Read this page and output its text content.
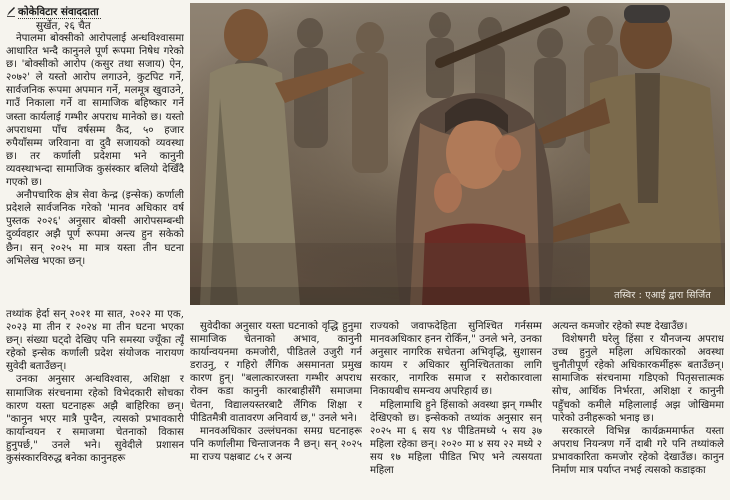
कोकेविटार संवाददाता
सुर्खेत, २६ चैत

नेपालमा बोक्सीको आरोपलाई अन्धविश्वासमा आधारित भन्दै कानुनले पूर्ण रूपमा निषेध गरेको छ। 'बोक्सीको आरोप (कसुर तथा सजाय) ऐन, २०७२' ले यस्तो आरोप लगाउने, कुटपिट गर्ने, सार्वजनिक रूपमा अपमान गर्ने, मलमूत्र खुवाउने, गाउँ निकाला गर्ने वा सामाजिक बहिष्कार गर्ने जस्ता कार्यलाई गम्भीर अपराध मानेको छ। यस्तो अपराधमा पाँच वर्षसम्म कैद, ५० हजार रुपैयाँसम्म जरिवाना वा दुवै सजायको व्यवस्था छ। तर कर्णाली प्रदेशमा भने कानुनी व्यवस्थाभन्दा सामाजिक कुसंस्कार बलियो देखिँदै गएको छ।

अनौपचारिक क्षेत्र सेवा केन्द्र (इन्सेक) कर्णाली प्रदेशले सार्वजनिक गरेको 'मानव अधिकार वर्ष पुस्तक २०२६' अनुसार बोक्सी आरोपसम्बन्धी दुर्व्यवहार अझै पूर्ण रूपमा अन्त्य हुन सकेको छैन। सन् २०२५ मा मात्र यस्ता तीन घटना अभिलेख भएका छन्।

तथ्यांक हेर्दा सन् २०२१ मा सात, २०२२ मा एक, २०२३ मा तीन र २०२४ मा तीन घटना भएका छन्। संख्या घट्दो देखिए पनि समस्या ज्यूँका त्यूँ रहेको इन्सेक कर्णाली प्रदेश संयोजक नारायण सुवेदी बताउँछन्।

उनका अनुसार अन्धविश्वास, अशिक्षा र सामाजिक संरचनामा रहेको विभेदकारी सोचका कारण यस्ता घटनाहरू अझै बाहिरिका छन्। "कानुन भएर मात्रै पुग्दैन, त्यसको प्रभावकारी कार्यान्वयन र समाजमा चेतनाको विकास हुनुपर्छ," उनले भने। सुवेदीले प्रशासन कुसंस्कारविरुद्ध बनेका कानुनहरू

सुवेदीका अनुसार यस्ता घटनाको वृद्धि हुनुमा सामाजिक चेतनाको अभाव, कानुनी कार्यान्वयनमा कमजोरी, पीडितले उजुरी गर्न डराउनु, र गहिरो लैंगिक असमानता प्रमुख कारण हुन्। "बलात्कारजस्ता गम्भीर अपराध रोक्न कडा कानुनी कारबाहीसँगै समाजमा चेतना, विद्यालयस्तरबाटै लैंगिक शिक्षा र पीडितमैत्री वातावरण अनिवार्य छ," उनले भने।

मानवअधिकार उल्लंघनका समग्र घटनाहरू पनि कर्णालीमा चिन्ताजनक नै छन्। सन् २०२५ मा राज्य पक्षबाट ८५ र अन्य

राज्यको जवाफदेहिता सुनिश्चित गर्नसम्म मानवअधिकार हनन रोकिँन," उनले भने, उनका अनुसार नागरिक सचेतना अभिवृद्धि, सुशासन कायम र अधिकार सुनिश्चितताका लागि सरकार, नागरिक समाज र सरोकारवाला निकायबीच समन्वय अपरिहार्य छ।

महिलामाथि हुने हिंसाको अवस्था झन् गम्भीर देखिएको छ। इन्सेकको तथ्यांक अनुसार सन् २०२५ मा ६ सय ९४ पीडितमध्ये ५ सय ३७ महिला रहेका छन्। २०२० मा ४ सय २२ मध्ये २ सय १७ महिला पीडित भिए भने त्यसयता महिला

अत्यन्त कमजोर रहेको स्पष्ट देखाउँछ।

विशेषगरी घरेलु हिंसा र यौनजन्य अपराध उच्च हुनुले महिला अधिकारको अवस्था चुनौतीपूर्ण रहेको अधिकारकर्मीहरू बताउँछन्। सामाजिक संरचनामा गडिएको पितृसत्तात्मक सोच, आर्थिक निर्भरता, अशिक्षा र कानुनी पहुँचको कमीले महिलालाई अझ जोखिममा पारेको उनीहरूको भनाइ छ।

सरकारले विभिन्न कार्यक्रममार्फत यस्ता अपराध नियन्त्रण गर्ने दाबी गरे पनि तथ्यांकले प्रभावकारिता कमजोर रहेको देखाउँछ। कानुन निर्माण मात्र पर्याप्त नभई त्यसको कडाइका

तस्विर : एआई द्वारा सिर्जित
